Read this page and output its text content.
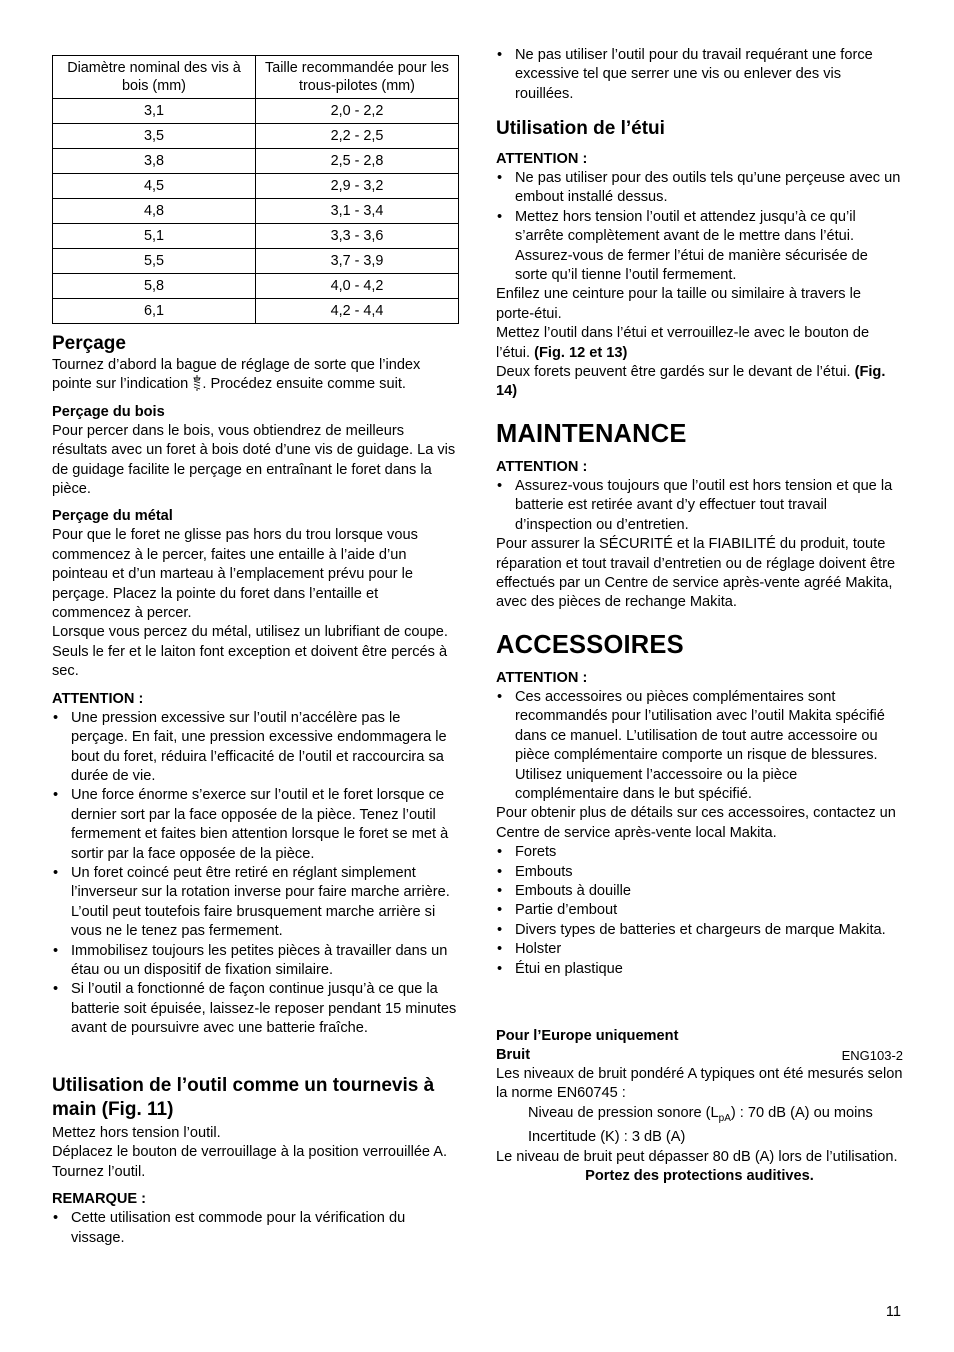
Diamètre nominal des vis à bois (mm)	Taille recommandée pour les trous-pilotes (mm)
3,1	2,0 - 2,2
3,5	2,2 - 2,5
3,8	2,5 - 2,8
4,5	2,9 - 3,2
4,8	3,1 - 3,4
5,1	3,3 - 3,6
5,5	3,7 - 3,9
5,8	4,0 - 4,2
6,1	4,2 - 4,4

Perçage

Tournez d’abord la bague de réglage de sorte que l’index pointe sur l’indication . Procédez ensuite comme suit.

Perçage du bois

Pour percer dans le bois, vous obtiendrez de meilleurs résultats avec un foret à bois doté d’une vis de guidage. La vis de guidage facilite le perçage en entraînant le foret dans la pièce.

Perçage du métal

Pour que le foret ne glisse pas hors du trou lorsque vous commencez à le percer, faites une entaille à l’aide d’un pointeau et d’un marteau à l’emplacement prévu pour le perçage. Placez la pointe du foret dans l’entaille et commencez à percer.

Lorsque vous percez du métal, utilisez un lubrifiant de coupe. Seuls le fer et le laiton font exception et doivent être percés à sec.

ATTENTION :

• Une pression excessive sur l’outil n’accélère pas le perçage. En fait, une pression excessive endommagera le bout du foret, réduira l’efficacité de l’outil et raccourcira sa durée de vie.
• Une force énorme s’exerce sur l’outil et le foret lorsque ce dernier sort par la face opposée de la pièce. Tenez l’outil fermement et faites bien attention lorsque le foret se met à sortir par la face opposée de la pièce.
• Un foret coincé peut être retiré en réglant simplement l’inverseur sur la rotation inverse pour faire marche arrière. L’outil peut toutefois faire brusquement marche arrière si vous ne le tenez pas fermement.
• Immobilisez toujours les petites pièces à travailler dans un étau ou un dispositif de fixation similaire.
• Si l’outil a fonctionné de façon continue jusqu’à ce que la batterie soit épuisée, laissez-le reposer pendant 15 minutes avant de poursuivre avec une batterie fraîche.

Utilisation de l’outil comme un tournevis à main (Fig. 11)

Mettez hors tension l’outil.

Déplacez le bouton de verrouillage à la position verrouillée A.

Tournez l’outil.

REMARQUE :

• Cette utilisation est commode pour la vérification du vissage.
• Ne pas utiliser l’outil pour du travail requérant une force excessive tel que serrer une vis ou enlever des vis rouillées.

Utilisation de l’étui

ATTENTION :

• Ne pas utiliser pour des outils tels qu’une perçeuse avec un embout installé dessus.
• Mettez hors tension l’outil et attendez jusqu’à ce qu’il s’arrête complètement avant de le mettre dans l’étui. Assurez-vous de fermer l’étui de manière sécurisée de sorte qu’il tienne l’outil fermement.

Enfilez une ceinture pour la taille ou similaire à travers le porte-étui.

Mettez l’outil dans l’étui et verrouillez-le avec le bouton de l’étui. (Fig. 12 et 13)

Deux forets peuvent être gardés sur le devant de l’étui. (Fig. 14)

MAINTENANCE

ATTENTION :

• Assurez-vous toujours que l’outil est hors tension et que la batterie est retirée avant d’y effectuer tout travail d’inspection ou d’entretien.

Pour assurer la SÉCURITÉ et la FIABILITÉ du produit, toute réparation et tout travail d’entretien ou de réglage doivent être effectués par un Centre de service après-vente agréé Makita, avec des pièces de rechange Makita.

ACCESSOIRES

ATTENTION :

• Ces accessoires ou pièces complémentaires sont recommandés pour l’utilisation avec l’outil Makita spécifié dans ce manuel. L’utilisation de tout autre accessoire ou pièce complémentaire comporte un risque de blessures. Utilisez uniquement l’accessoire ou la pièce complémentaire dans le but spécifié.

Pour obtenir plus de détails sur ces accessoires, contactez un Centre de service après-vente local Makita.

• Forets
• Embouts
• Embouts à douille
• Partie d’embout
• Divers types de batteries et chargeurs de marque Makita.
• Holster
• Étui en plastique

Pour l’Europe uniquement

Bruit	ENG103-2

Les niveaux de bruit pondéré A typiques ont été mesurés selon la norme EN60745 :

Niveau de pression sonore $(L_{pA})$ : 70 dB (A) ou moins

Incertitude (K) : 3 dB (A)

Le niveau de bruit peut dépasser 80 dB (A) lors de l’utilisation.

Portez des protections auditives.

11
